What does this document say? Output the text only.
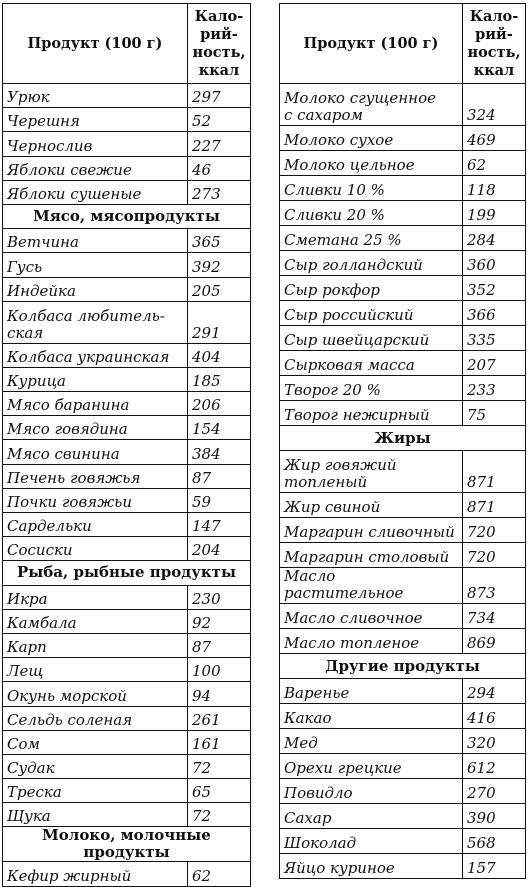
Продукт (100 г)	Кало-
рий-
ность,
ккал

Урюк	297

Черешня	52

Чернослив	227

Яблоки свежие	46

Яблоки сушеные	273
Мясо, мясопродукты	

Ветчина	365

Гусь	392

Индейка	205

Колбаса любитель-
ская	291

Колбаса украинская	404

Курица	185

Мясо баранина	206

Мясо говядина	154

Мясо свинина	384

Печень говяжья	87

Почки говяжьи	59

Сардельки	147

Сосиски	204
Рыба, рыбные продукты	

Икра	230

Камбала	92

Карп	87

Лещ	100

Окунь морской	94

Сельдь соленая	261

Сом	161

Судак	72

Треска	65

Щука	72
Молоко, молочные продукты	

Кефир жирный	62
Продукт (100 г)	Кало-
рий-
ность,
ккал

Молоко сгущенное
с сахаром	324

Молоко сухое	469

Молоко цельное	62

Сливки 10 %	118

Сливки 20 %	199

Сметана 25 %	284

Сыр голландский	360

Сыр рокфор	352

Сыр российский	366

Сыр швейцарский	335

Сырковая масса	207

Творог 20 %	233

Творог нежирный	75
Жиры	

Жир говяжий
топленый	871

Жир свиной	871

Маргарин сливочный	720

Маргарин столовый	720

Масло растительное	873

Масло сливочное	734

Масло топленое	869
Другие продукты	

Варенье	294

Какао	416

Мед	320

Орехи грецкие	612

Повидло	270

Сахар	390

Шоколад	568

Яйцо куриное	157
